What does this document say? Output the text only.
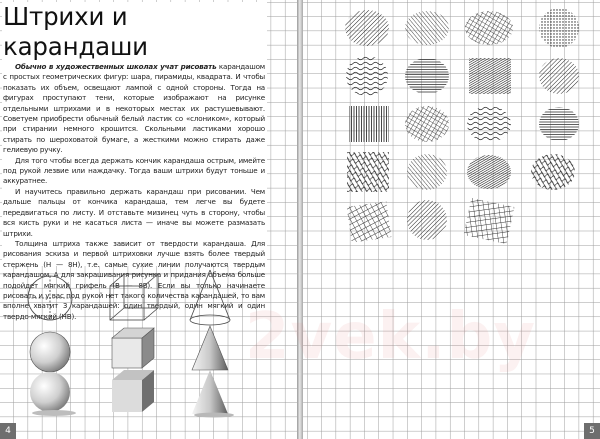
Штрихи и карандаши

Обычно в художественных школах учат рисовать карандашом с простых геометрических фигур: шара, пирамиды, квадрата. И чтобы показать их объем, освещают лампой с одной стороны. Тогда на фигурах проступают тени, которые изображают на рисунке отдельными штрихами и в некоторых местах их растушевывают. Советуем приобрести обычный белый ластик со «слоником», который при стирании немного крошится. Скольными ластиками хорошо стирать по шероховатой бумаге, а жесткими можно стирать даже гелиевую ручку.

Для того чтобы всегда держать кончик карандаша острым, имейте под рукой лезвие или наждачку. Тогда ваши штрихи будут тоньше и аккуратнее.

И научитесь правильно держать карандаш при рисовании. Чем дальше пальцы от кончика карандаша, тем легче вы будете передвигаться по листу. И отставьте мизинец чуть в сторону, чтобы вся кисть руки и не касаться листа — иначе вы можете размазать штрихи.

Толщина штриха также зависит от твердости карандаша. Для рисования эскиза и первой штриховки лучше взять более твердый стержень (H — 8H), т.е. самые сухие линии получаются твердым карандашом. А для закрашивания рисунка и придания объема больше подойдет мягкий грифель (B — 8B). Если вы только начинаете рисовать и у вас под рукой нет такого количества карандашей, то вам вполне хватит 3 карандашей: один твердый, один мягкий и один твердо-мягкий (HB).

4	5
